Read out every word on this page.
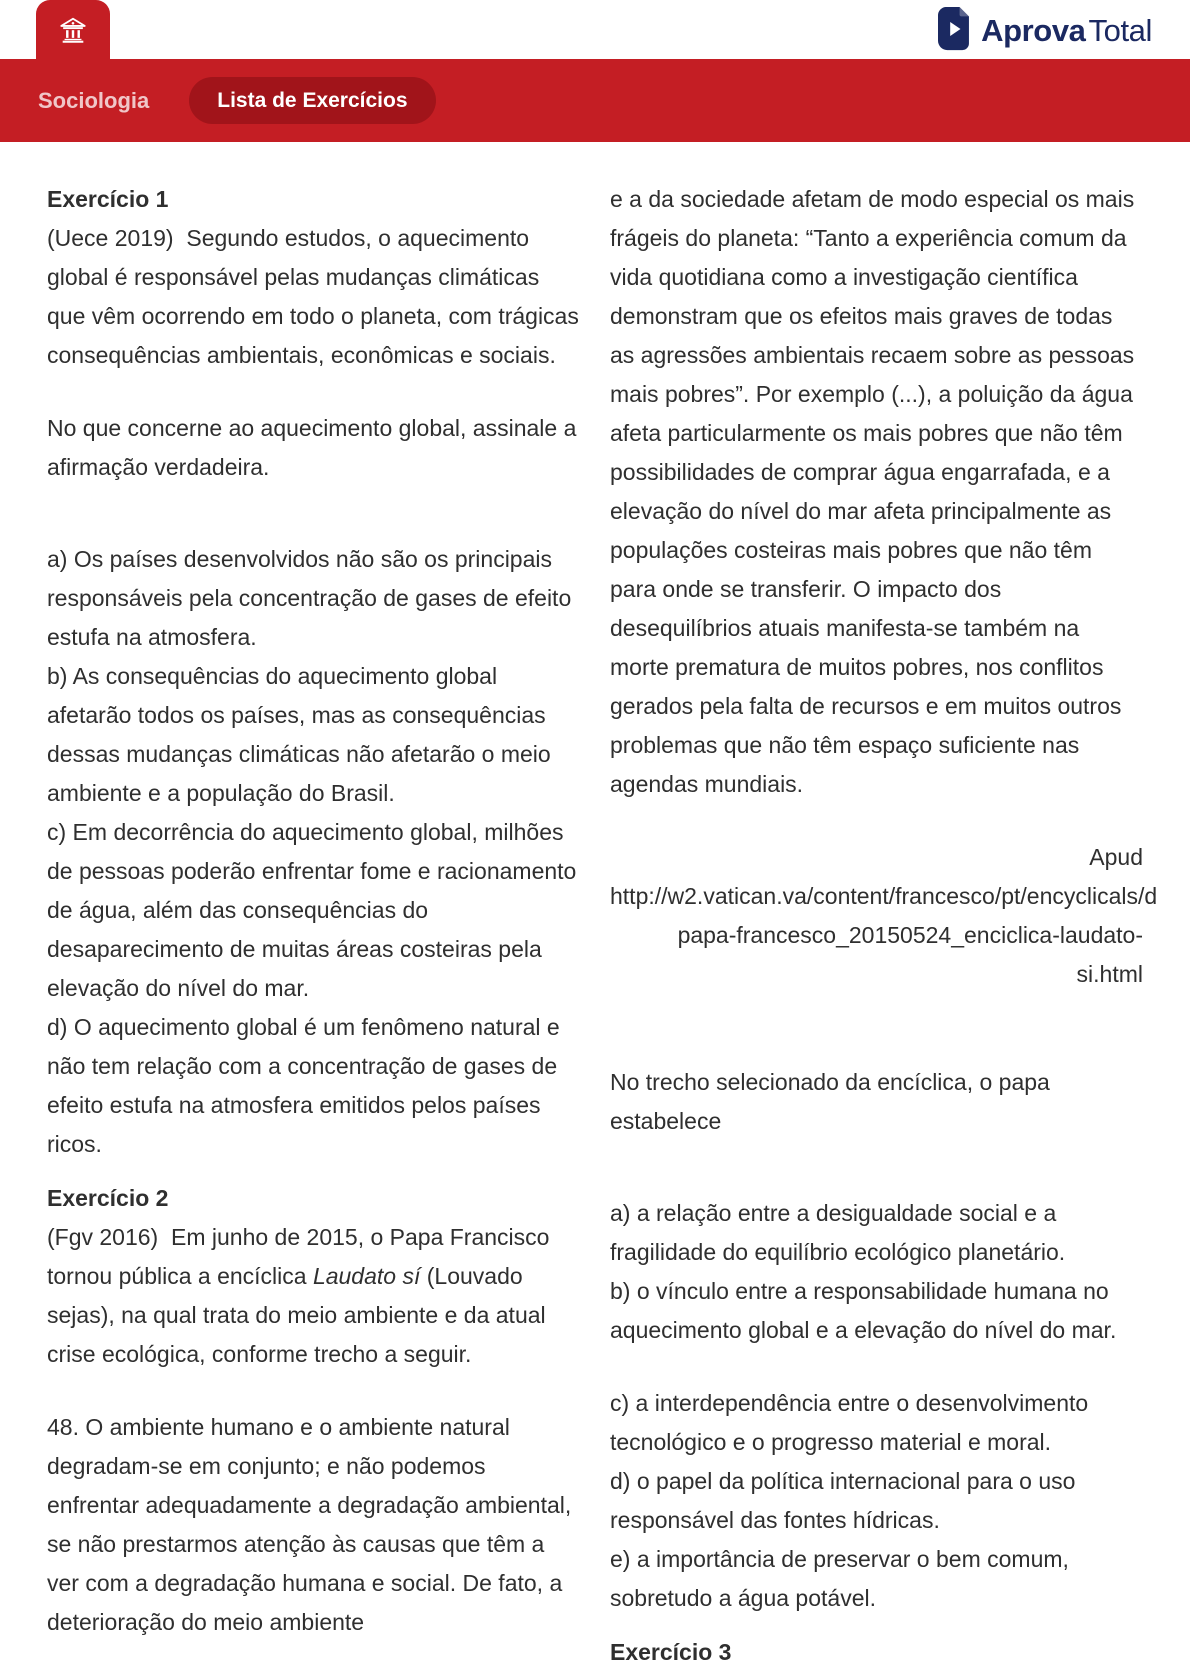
AprovaTotal
Sociologia	Lista de Exercícios
Exercício 1
(Uece 2019)  Segundo estudos, o aquecimento global é responsável pelas mudanças climáticas que vêm ocorrendo em todo o planeta, com trágicas consequências ambientais, econômicas e sociais.
No que concerne ao aquecimento global, assinale a afirmação verdadeira.
a) Os países desenvolvidos não são os principais responsáveis pela concentração de gases de efeito estufa na atmosfera.
b) As consequências do aquecimento global afetarão todos os países, mas as consequências dessas mudanças climáticas não afetarão o meio ambiente e a população do Brasil.
c) Em decorrência do aquecimento global, milhões de pessoas poderão enfrentar fome e racionamento de água, além das consequências do desaparecimento de muitas áreas costeiras pela elevação do nível do mar.
d) O aquecimento global é um fenômeno natural e não tem relação com a concentração de gases de efeito estufa na atmosfera emitidos pelos países ricos.
Exercício 2
(Fgv 2016)  Em junho de 2015, o Papa Francisco tornou pública a encíclica Laudato sí (Louvado sejas), na qual trata do meio ambiente e da atual crise ecológica, conforme trecho a seguir.
48. O ambiente humano e o ambiente natural degradam-se em conjunto; e não podemos enfrentar adequadamente a degradação ambiental, se não prestarmos atenção às causas que têm a ver com a degradação humana e social. De fato, a deterioração do meio ambiente
e a da sociedade afetam de modo especial os mais frágeis do planeta: “Tanto a experiência comum da vida quotidiana como a investigação científica demonstram que os efeitos mais graves de todas as agressões ambientais recaem sobre as pessoas mais pobres”. Por exemplo (...), a poluição da água afeta particularmente os mais pobres que não têm possibilidades de comprar água engarrafada, e a elevação do nível do mar afeta principalmente as populações costeiras mais pobres que não têm para onde se transferir. O impacto dos desequilíbrios atuais manifesta-se também na morte prematura de muitos pobres, nos conflitos gerados pela falta de recursos e em muitos outros problemas que não têm espaço suficiente nas agendas mundiais.
Apud
http://w2.vatican.va/content/francesco/pt/encyclicals/d
papa-francesco_20150524_enciclica-laudato-
si.html
No trecho selecionado da encíclica, o papa estabelece
a) a relação entre a desigualdade social e a fragilidade do equilíbrio ecológico planetário.
b) o vínculo entre a responsabilidade humana no aquecimento global e a elevação do nível do mar.
c) a interdependência entre o desenvolvimento tecnológico e o progresso material e moral.
d) o papel da política internacional para o uso responsável das fontes hídricas.
e) a importância de preservar o bem comum, sobretudo a água potável.
Exercício 3
